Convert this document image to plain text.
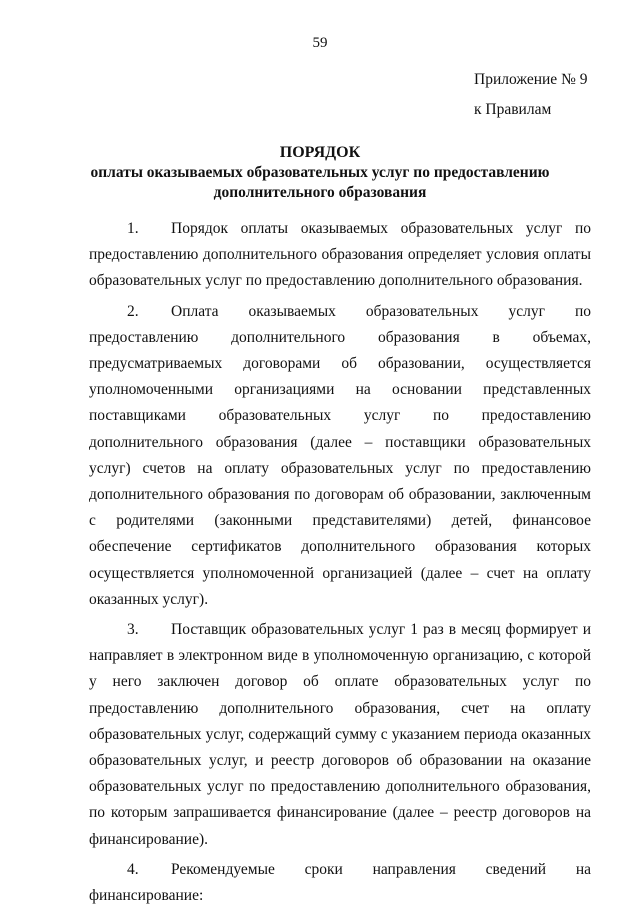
59
Приложение № 9
к Правилам
ПОРЯДОК
оплаты оказываемых образовательных услуг по предоставлению
дополнительного образования

1. Порядок оплаты оказываемых образовательных услуг по предоставлению дополнительного образования определяет условия оплаты образовательных услуг по предоставлению дополнительного образования.

2. Оплата оказываемых образовательных услуг по предоставлению дополнительного образования в объемах, предусматриваемых договорами об образовании, осуществляется уполномоченными организациями на основании представленных поставщиками образовательных услуг по предоставлению дополнительного образования (далее – поставщики образовательных услуг) счетов на оплату образовательных услуг по предоставлению дополнительного образования по договорам об образовании, заключенным с родителями (законными представителями) детей, финансовое обеспечение сертификатов дополнительного образования которых осуществляется уполномоченной организацией (далее – счет на оплату оказанных услуг).

3. Поставщик образовательных услуг 1 раз в месяц формирует и направляет в электронном виде в уполномоченную организацию, с которой у него заключен договор об оплате образовательных услуг по предоставлению дополнительного образования, счет на оплату образовательных услуг, содержащий сумму с указанием периода оказанных образовательных услуг, и реестр договоров об образовании на оказание образовательных услуг по предоставлению дополнительного образования, по которым запрашивается финансирование (далее – реестр договоров на финансирование).

4. Рекомендуемые сроки направления сведений на финансирование:
